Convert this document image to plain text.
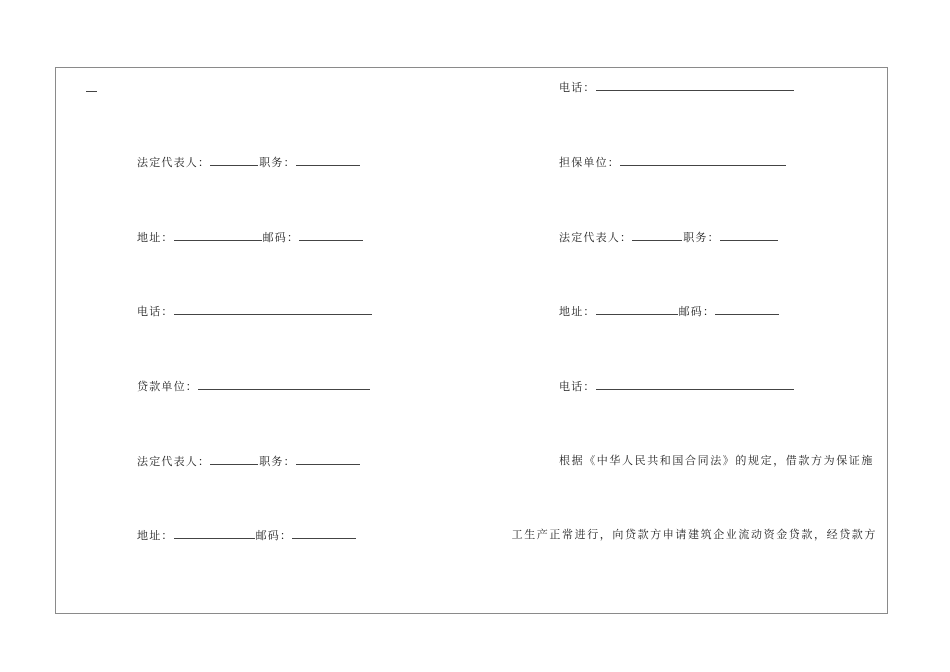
法定代表人：	职务：
地址：	邮码：
电话：
贷款单位：
法定代表人：	职务：
地址：	邮码：
电话：
担保单位：
法定代表人：	职务：
地址：	邮码：
电话：
根据《中华人民共和国合同法》的规定，借款方为保证施
工生产正常进行，向贷款方申请建筑企业流动资金贷款，经贷款方
